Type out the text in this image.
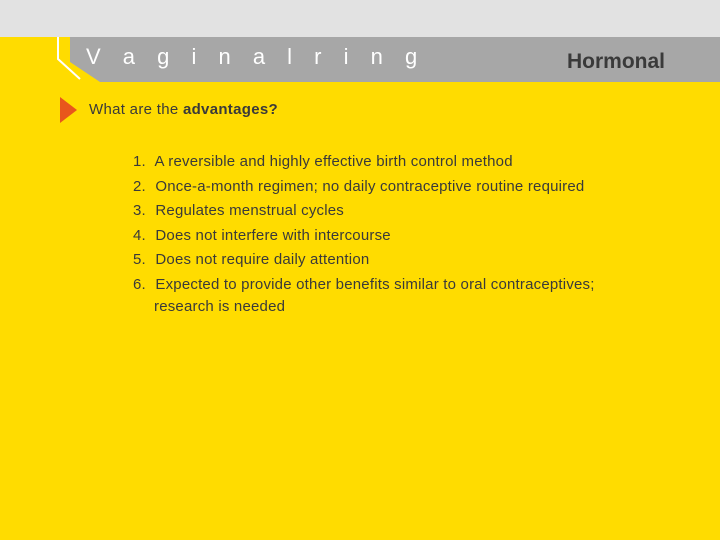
V a g i n a l r i n g	Hormonal
What are the advantages?
1. A reversible and highly effective birth control method
2. Once-a-month regimen; no daily contraceptive routine required
3. Regulates menstrual cycles
4. Does not interfere with intercourse
5. Does not require daily attention
6. Expected to provide other benefits similar to oral contraceptives;
research is needed
